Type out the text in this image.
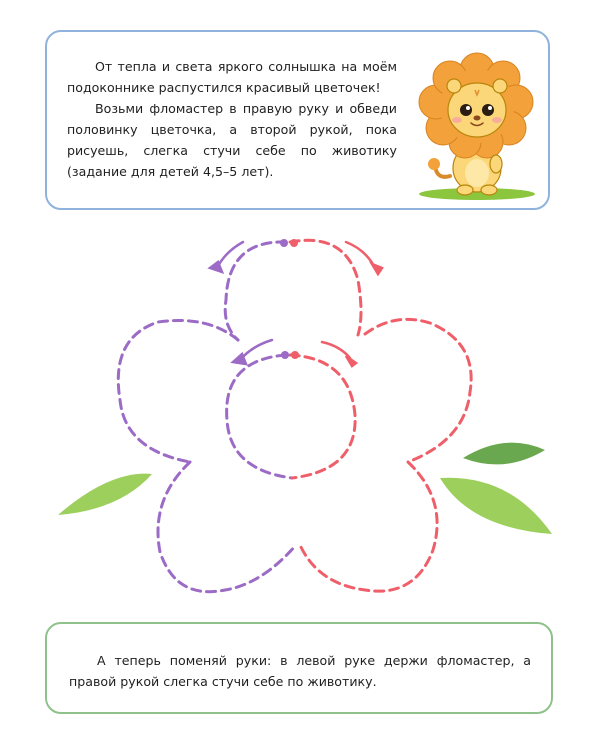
От тепла и света яркого солнышка на моём подоконнике распустился красивый цветочек!

Возьми фломастер в правую руку и обведи половинку цветочка, а второй рукой, пока рисуешь, слегка стучи себе по животику (задание для детей 4,5–5 лет).

А теперь поменяй руки: в левой руке держи фломастер, а правой рукой слегка стучи себе по животику.
